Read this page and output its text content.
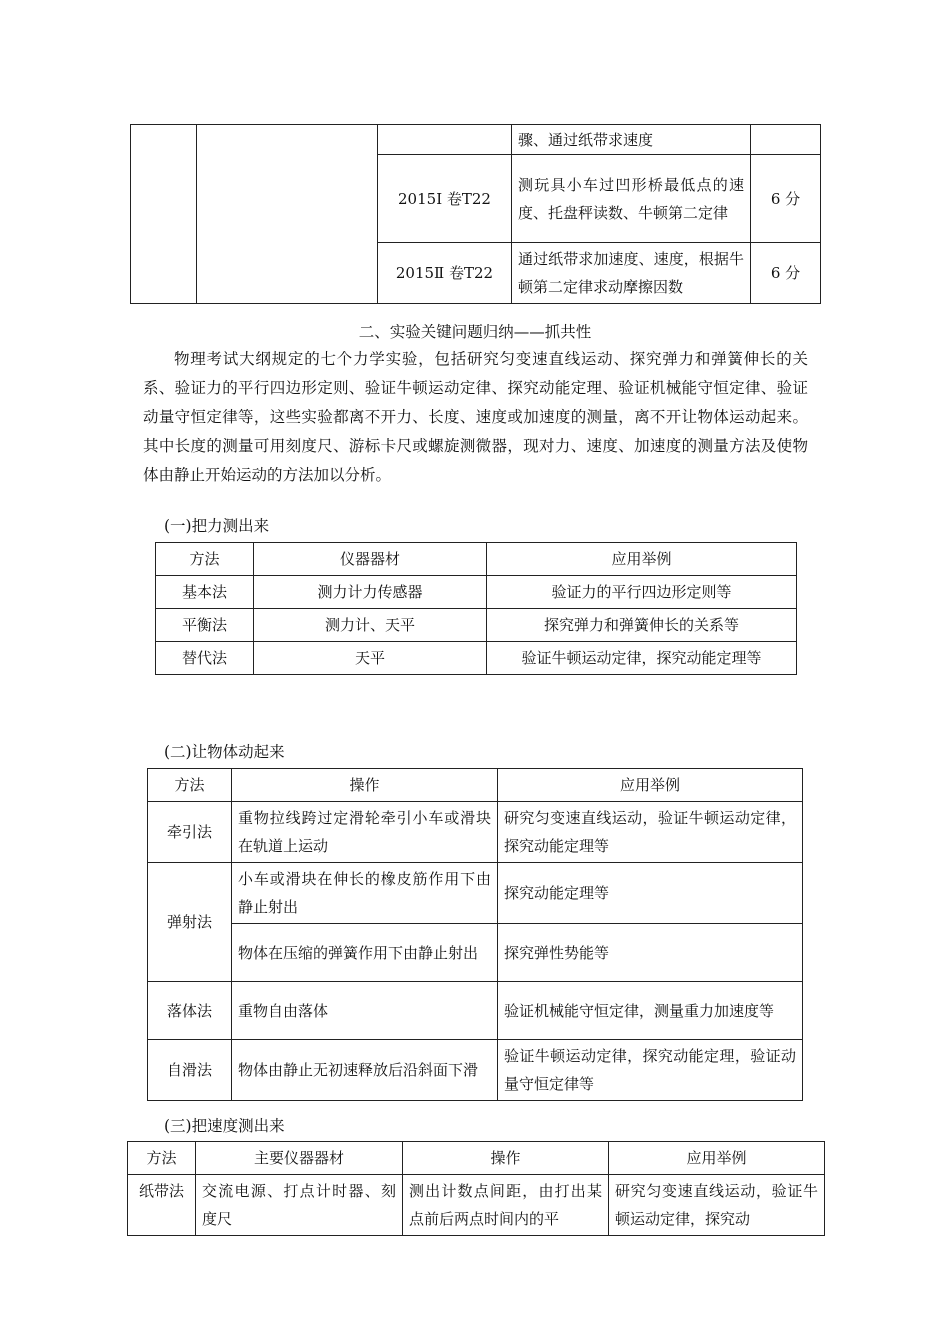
			骤、通过纸带求速度	
		2015Ⅰ 卷T22	测玩具小车过凹形桥最低点的速度、托盘秤读数、牛顿第二定律	6 分
		2015Ⅱ 卷T22	通过纸带求加速度、速度，根据牛顿第二定律求动摩擦因数	6 分
二、实验关键问题归纳——抓共性
物理考试大纲规定的七个力学实验，包括研究匀变速直线运动、探究弹力和弹簧伸长的关系、验证力的平行四边形定则、验证牛顿运动定律、探究动能定理、验证机械能守恒定律、验证动量守恒定律等，这些实验都离不开力、长度、速度或加速度的测量，离不开让物体运动起来。其中长度的测量可用刻度尺、游标卡尺或螺旋测微器，现对力、速度、加速度的测量方法及使物体由静止开始运动的方法加以分析。
(一)把力测出来
方法	仪器器材	应用举例
基本法	测力计力传感器	验证力的平行四边形定则等
平衡法	测力计、天平	探究弹力和弹簧伸长的关系等
替代法	天平	验证牛顿运动定律，探究动能定理等
(二)让物体动起来
方法	操作	应用举例
牵引法	重物拉线跨过定滑轮牵引小车或滑块在轨道上运动	研究匀变速直线运动，验证牛顿运动定律，探究动能定理等
弹射法	小车或滑块在伸长的橡皮筋作用下由静止射出	探究动能定理等
	物体在压缩的弹簧作用下由静止射出	探究弹性势能等
落体法	重物自由落体	验证机械能守恒定律，测量重力加速度等
自滑法	物体由静止无初速释放后沿斜面下滑	验证牛顿运动定律，探究动能定理，验证动量守恒定律等
(三)把速度测出来
方法	主要仪器器材	操作	应用举例
纸带法	交流电源、打点计时器、刻度尺	测出计数点间距，由打出某点前后两点时间内的平	研究匀变速直线运动，验证牛顿运动定律，探究动
